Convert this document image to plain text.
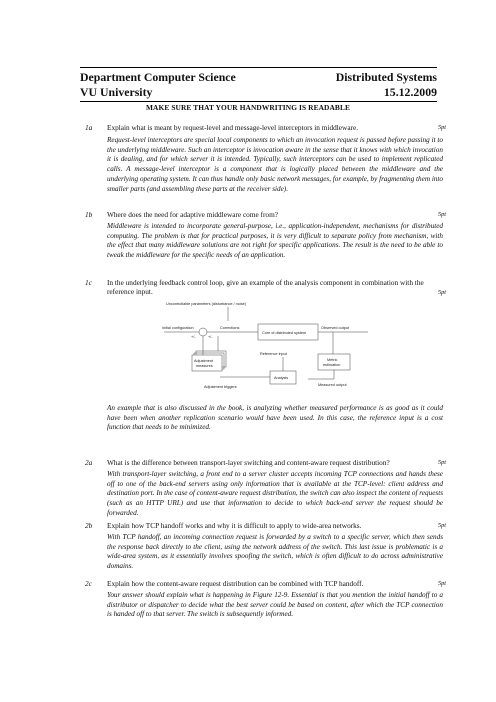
Department Computer Science	Distributed Systems
VU University	15.12.2009
MAKE SURE THAT YOUR HANDWRITING IS READABLE
1a Explain what is meant by request-level and message-level interceptors in middleware.	5pt
Request-level interceptors are special local components to which an invocation request is passed before passing it to the underlying middleware. Such an interceptor is invocation aware in the sense that it knows with which invocation it is dealing, and for which server it is intended. Typically, such interceptors can be used to implement replicated calls. A message-level interceptor is a component that is logically placed between the middleware and the underlying operating system. It can thus handle only basic network messages, for example, by fragmenting them into smaller parts (and assembling these parts at the receiver side).
1b Where does the need for adaptive middleware come from?	5pt
Middleware is intended to incorporate general-purpose, i.e., application-independent, mechanisms for distributed computing. The problem is that for practical purposes, it is very difficult to separate policy from mechanism, with the effect that many middleware solutions are not right for specific applications. The result is the need to be able to tweak the middleware for the specific needs of an application.
1c In the underlying feedback control loop, give an example of the analysis component in combination with the reference input.	5pt
Uncontrollable parameters (disturbance / noise)
Initial configuration	Corrections
Core of distributed system
Observed output
Adjustment
measures
Reference input
Metric
estimation
Analysis
Measured output
Adjustment triggers
+/-	+/-
An example that is also discussed in the book, is analyzing whether measured performance is as good as it could have been when another replication scenario would have been used. In this case, the reference input is a cost function that needs to be minimized.
2a What is the difference between transport-layer switching and content-aware request distribution?	5pt
With transport-layer switching, a front end to a server cluster accepts incoming TCP connections and hands these off to one of the back-end servers using only information that is available at the TCP-level: client address and destination port. In the case of content-aware request distribution, the switch can also inspect the content of requests (such as an HTTP URL) and use that information to decide to which back-end server the request should be forwarded.
2b Explain how TCP handoff works and why it is difficult to apply to wide-area networks.	5pt
With TCP handoff, an incoming connection request is forwarded by a switch to a specific server, which then sends the response back directly to the client, using the network address of the switch. This last issue is problematic is a wide-area system, as it essentially involves spoofing the switch, which is often difficult to do across administrative domains.
2c Explain how the content-aware request distribution can be combined with TCP handoff.	5pt
Your answer should explain what is happening in Figure 12-9. Essential is that you mention the initial handoff to a distributor or dispatcher to decide what the best server could be based on content, after which the TCP connection is handed off to that server. The switch is subsequently informed.
